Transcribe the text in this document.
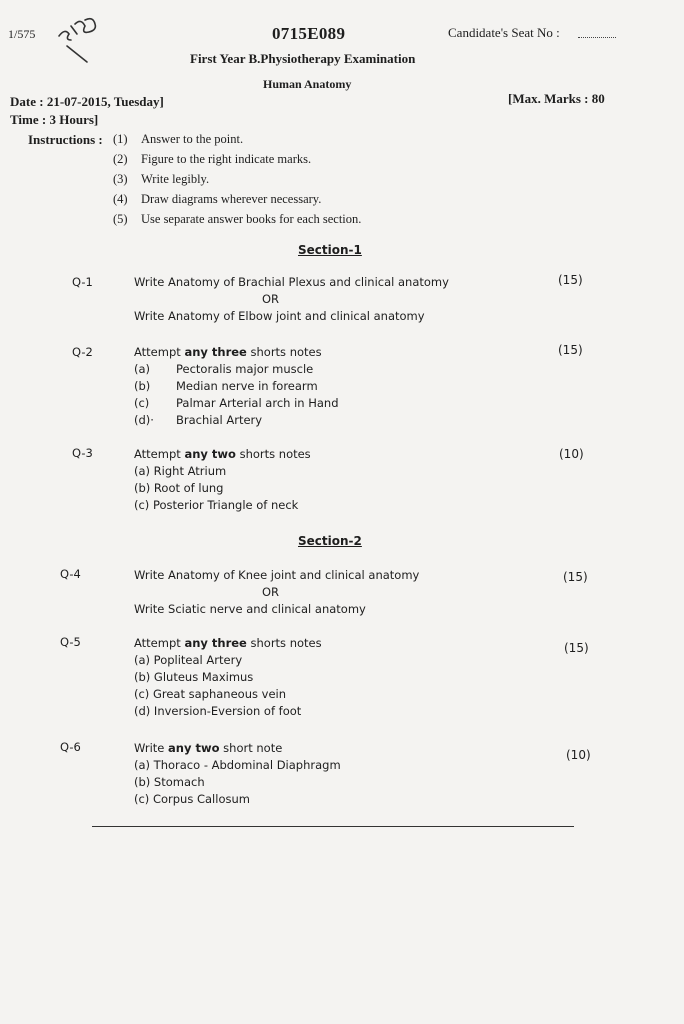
1/575	0715E089	Candidate's Seat No :
First Year B.Physiotherapy Examination
Human Anatomy
Date : 21-07-2015, Tuesday]	[Max. Marks : 80
Time : 3 Hours]
Instructions : (1) Answer to the point.
(2) Figure to the right indicate marks.
(3) Write legibly.
(4) Draw diagrams wherever necessary.
(5) Use separate answer books for each section.
Section-1
Q-1	Write Anatomy of Brachial Plexus and clinical anatomy
OR
Write Anatomy of Elbow joint and clinical anatomy
(15)
Q-2	Attempt any three shorts notes
(a) Pectoralis major muscle
(b) Median nerve in forearm
(c) Palmar Arterial arch in Hand
(d)· Brachial Artery
(15)
Q-3	Attempt any two shorts notes
(a) Right Atrium
(b) Root of lung
(c) Posterior Triangle of neck
(10)
Section-2
Q-4	Write Anatomy of Knee joint and clinical anatomy
OR
Write Sciatic nerve and clinical anatomy
(15)
Q-5	Attempt any three shorts notes
(a) Popliteal Artery
(b) Gluteus Maximus
(c) Great saphaneous vein
(d) Inversion-Eversion of foot
(15)
Q-6	Write any two short note
(a) Thoraco - Abdominal Diaphragm
(b) Stomach
(c) Corpus Callosum
(10)
